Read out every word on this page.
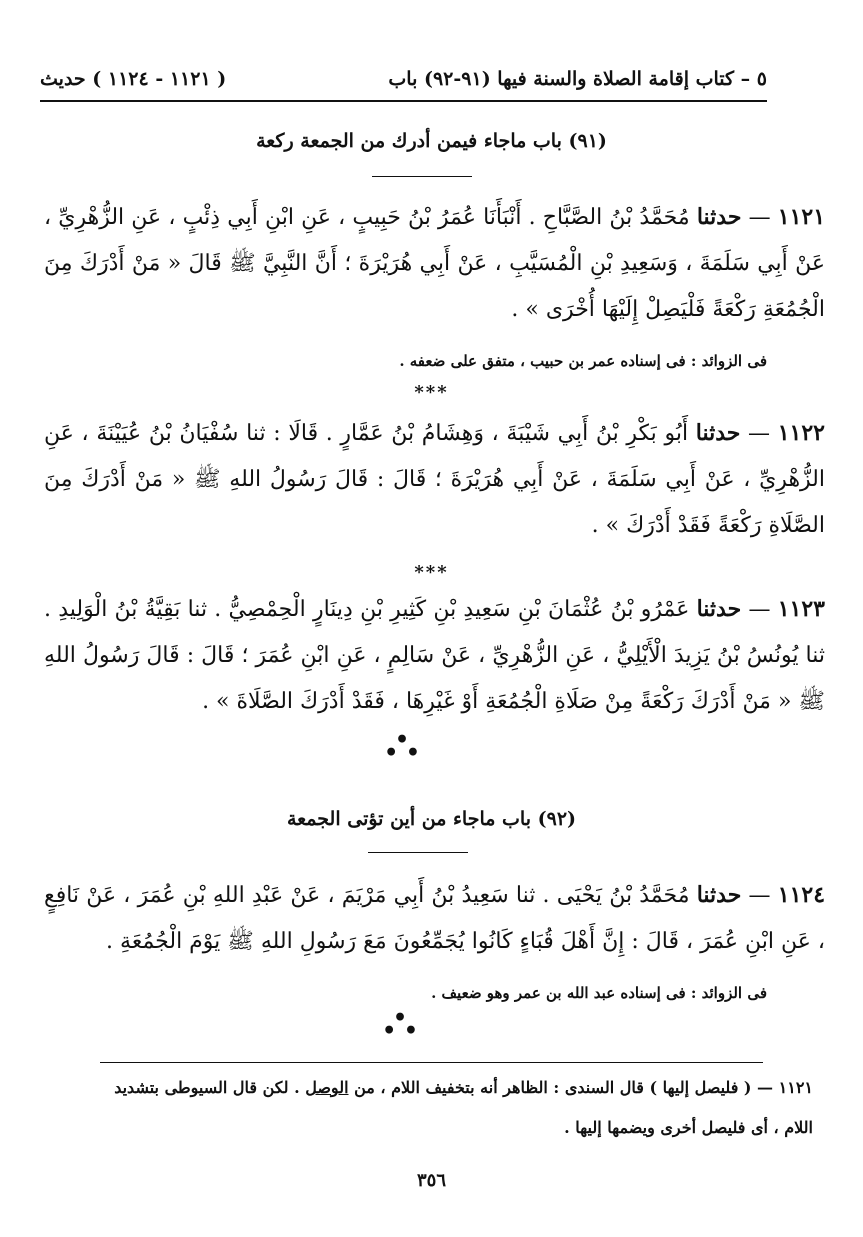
٥ – كتاب إقامة الصلاة والسنة فيها (٩١-٩٢) باب
( ١١٢١ - ١١٢٤ ) حديث
(٩١) باب ماجاء فيمن أدرك من الجمعة ركعة
١١٢١ — حدثنا مُحَمَّدُ بْنُ الصَّبَّاحِ . أَنْبَأَنَا عُمَرُ بْنُ حَبِيبٍ ، عَنِ ابْنِ أَبِي ذِئْبٍ ، عَنِ الزُّهْرِيِّ ، عَنْ أَبِي سَلَمَةَ ، وَسَعِيدِ بْنِ الْمُسَيَّبِ ، عَنْ أَبِي هُرَيْرَةَ ؛ أَنَّ النَّبِيَّ ﷺ قَالَ « مَنْ أَدْرَكَ مِنَ الْجُمُعَةِ رَكْعَةً فَلْيَصِلْ إِلَيْهَا أُخْرَى » .
فى الزوائد : فى إسناده عمر بن حبيب ، متفق على ضعفه .
***
١١٢٢ — حدثنا أَبُو بَكْرِ بْنُ أَبِي شَيْبَةَ ، وَهِشَامُ بْنُ عَمَّارٍ . قَالَا : ثنا سُفْيَانُ بْنُ عُيَيْنَةَ ، عَنِ الزُّهْرِيِّ ، عَنْ أَبِي سَلَمَةَ ، عَنْ أَبِي هُرَيْرَةَ ؛ قَالَ : قَالَ رَسُولُ اللهِ ﷺ « مَنْ أَدْرَكَ مِنَ الصَّلَاةِ رَكْعَةً فَقَدْ أَدْرَكَ » .
***
١١٢٣ — حدثنا عَمْرُو بْنُ عُثْمَانَ بْنِ سَعِيدِ بْنِ كَثِيرِ بْنِ دِينَارٍ الْحِمْصِيُّ . ثنا بَقِيَّةُ بْنُ الْوَلِيدِ . ثنا يُونُسُ بْنُ يَزِيدَ الْأَيْلِيُّ ، عَنِ الزُّهْرِيِّ ، عَنْ سَالِمٍ ، عَنِ ابْنِ عُمَرَ ؛ قَالَ : قَالَ رَسُولُ اللهِ ﷺ « مَنْ أَدْرَكَ رَكْعَةً مِنْ صَلَاةِ الْجُمُعَةِ أَوْ غَيْرِهَا ، فَقَدْ أَدْرَكَ الصَّلَاةَ » .
•
• •
(٩٢) باب ماجاء من أين تؤتى الجمعة
١١٢٤ — حدثنا مُحَمَّدُ بْنُ يَحْيَى . ثنا سَعِيدُ بْنُ أَبِي مَرْيَمَ ، عَنْ عَبْدِ اللهِ بْنِ عُمَرَ ، عَنْ نَافِعٍ ، عَنِ ابْنِ عُمَرَ ، قَالَ : إِنَّ أَهْلَ قُبَاءٍ كَانُوا يُجَمِّعُونَ مَعَ رَسُولِ اللهِ ﷺ يَوْمَ الْجُمُعَةِ .
فى الزوائد : فى إسناده عبد الله بن عمر وهو ضعيف .
•
• •
١١٢١ — ( فليصل إليها ) قال السندى : الظاهر أنه بتخفيف اللام ، من الوصل . لكن قال السيوطى بتشديد اللام ، أى فليصل أخرى ويضمها إليها .
٣٥٦
